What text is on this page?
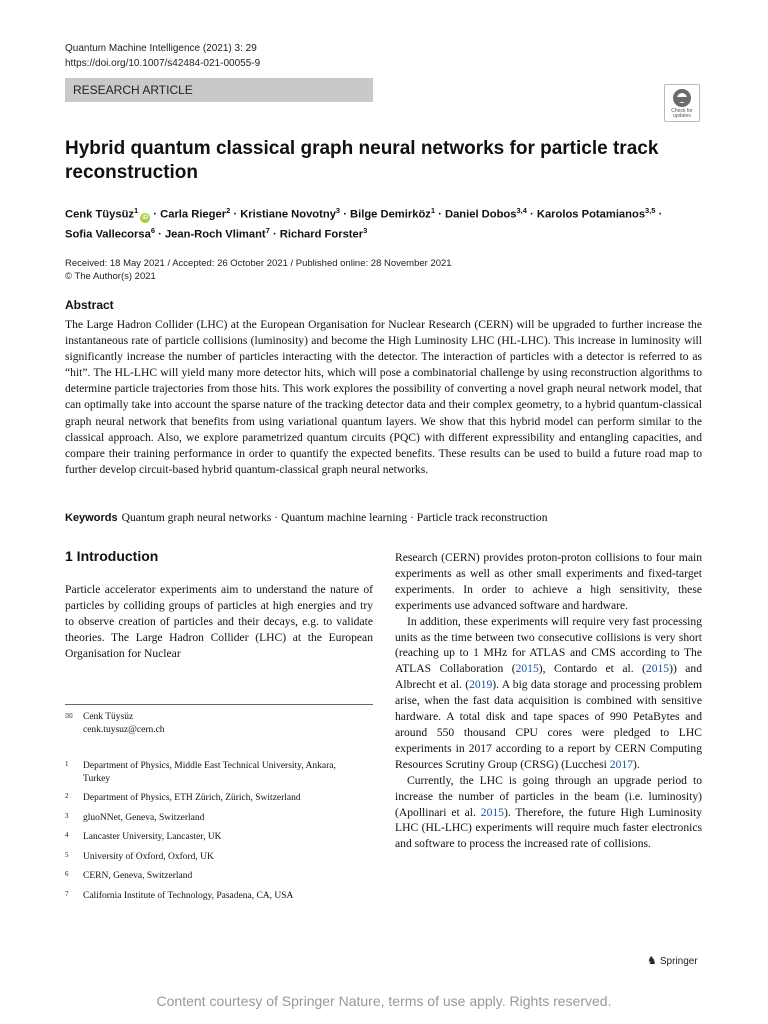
Quantum Machine Intelligence (2021) 3: 29
https://doi.org/10.1007/s42484-021-00055-9
RESEARCH ARTICLE
Check for updates
Hybrid quantum classical graph neural networks for particle track reconstruction
Cenk Tüysüz$^1$iD · Carla Rieger$^2$ · Kristiane Novotny$^3$ · Bilge Demirköz$^1$ · Daniel Dobos$^{3,4}$ · Karolos Potamianos$^{3,5}$ ·
Sofia Vallecorsa$^6$ · Jean-Roch Vlimant$^7$ · Richard Forster$^3$
Received: 18 May 2021 / Accepted: 26 October 2021 / Published online: 28 November 2021
© The Author(s) 2021
Abstract
The Large Hadron Collider (LHC) at the European Organisation for Nuclear Research (CERN) will be upgraded to further increase the instantaneous rate of particle collisions (luminosity) and become the High Luminosity LHC (HL-LHC). This increase in luminosity will significantly increase the number of particles interacting with the detector. The interaction of particles with a detector is referred to as “hit”. The HL-LHC will yield many more detector hits, which will pose a combinatorial challenge by using reconstruction algorithms to determine particle trajectories from those hits. This work explores the possibility of converting a novel graph neural network model, that can optimally take into account the sparse nature of the tracking detector data and their complex geometry, to a hybrid quantum-classical graph neural network that benefits from using variational quantum layers. We show that this hybrid model can perform similar to the classical approach. Also, we explore parametrized quantum circuits (PQC) with different expressibility and entangling capacities, and compare their training performance in order to quantify the expected benefits. These results can be used to build a future road map to further develop circuit-based hybrid quantum-classical graph neural networks.
Keywords Quantum graph neural networks · Quantum machine learning · Particle track reconstruction
1 Introduction

Particle accelerator experiments aim to understand the nature of particles by colliding groups of particles at high energies and try to observe creation of particles and their decays, e.g. to validate theories. The Large Hadron Collider (LHC) at the European Organisation for Nuclear

Research (CERN) provides proton-proton collisions to four main experiments as well as other small experiments and fixed-target experiments. In order to achieve a high sensitivity, these experiments use advanced software and hardware.

In addition, these experiments will require very fast processing units as the time between two consecutive collisions is very short (reaching up to 1 MHz for ATLAS and CMS according to The ATLAS Collaboration (2015), Contardo et al. (2015)) and Albrecht et al. (2019). A big data storage and processing problem arise, when the fast data acquisition is combined with sensitive hardware. A total disk and tape spaces of 990 PetaBytes and around 550 thousand CPU cores were pledged to LHC experiments in 2017 according to a report by CERN Computing Resources Scrutiny Group (CRSG) (Lucchesi 2017).

Currently, the LHC is going through an upgrade period to increase the number of particles in the beam (i.e. luminosity) (Apollinari et al. 2015). Therefore, the future High Luminosity LHC (HL-LHC) experiments will require much faster electronics and software to process the increased rate of collisions.

✉ Cenk Tüysüz
cenk.tuysuz@cern.ch
1 Department of Physics, Middle East Technical University, Ankara, Turkey
2 Department of Physics, ETH Zürich, Zürich, Switzerland
3 gluoNNet, Geneva, Switzerland
4 Lancaster University, Lancaster, UK
5 University of Oxford, Oxford, UK
6 CERN, Geneva, Switzerland
7 California Institute of Technology, Pasadena, CA, USA
♞ Springer
Content courtesy of Springer Nature, terms of use apply. Rights reserved.
